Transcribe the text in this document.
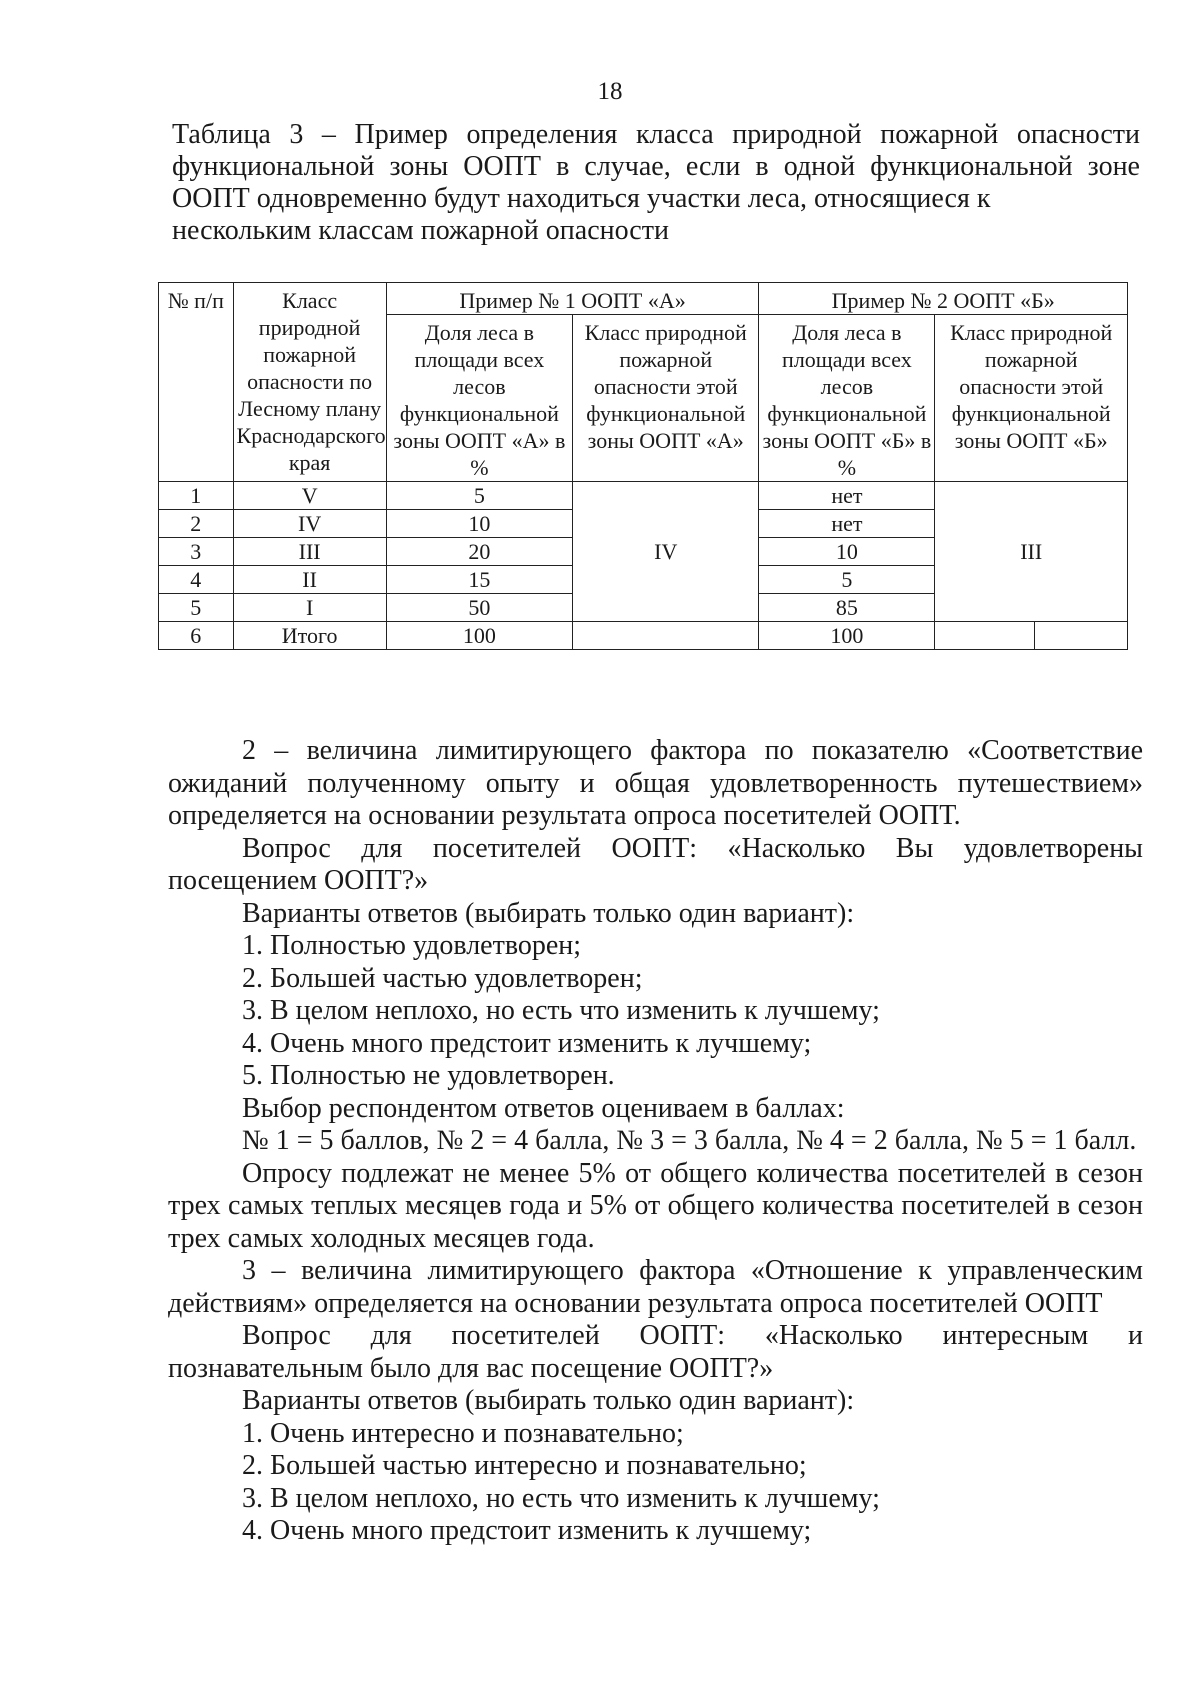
18
Таблица 3 – Пример определения класса природной пожарной опасности функциональной зоны ООПТ в случае, если в одной функциональной зоне ООПТ одновременно будут находиться участки леса, относящиеся к
нескольким классам пожарной опасности
№ п/п	Класс природной пожарной опасности по Лесному плану Краснодарского края	Пример № 1 ООПТ «А»		Пример № 2 ООПТ «Б»		
		Доля леса в площади всех лесов функциональной зоны ООПТ «А» в %	Класс природной пожарной опасности этой функциональной зоны ООПТ «А»	Доля леса в площади всех лесов функциональной зоны ООПТ «Б» в %	Класс природной пожарной опасности этой функциональной зоны ООПТ «Б»	
1	V	5	IV	нет	III	
2	IV	10		нет		
3	III	20		10		
4	II	15		5		
5	I	50		85		
6	Итого	100		100		

2 – величина лимитирующего фактора по показателю «Соответствие ожиданий полученному опыту и общая удовлетворенность путешествием» определяется на основании результата опроса посетителей ООПТ.

Вопрос для посетителей ООПТ: «Насколько Вы удовлетворены посещением ООПТ?»

Варианты ответов (выбирать только один вариант):

1. Полностью удовлетворен;

2. Большей частью удовлетворен;

3. В целом неплохо, но есть что изменить к лучшему;

4. Очень много предстоит изменить к лучшему;

5. Полностью не удовлетворен.

Выбор респондентом ответов оцениваем в баллах:

№ 1 = 5 баллов, № 2 = 4 балла, № 3 = 3 балла, № 4 = 2 балла, № 5 = 1 балл.

Опросу подлежат не менее 5% от общего количества посетителей в сезон трех самых теплых месяцев года и 5% от общего количества посетителей в сезон трех самых холодных месяцев года.

3 – величина лимитирующего фактора «Отношение к управленческим действиям» определяется на основании результата опроса посетителей ООПТ

Вопрос для посетителей ООПТ: «Насколько интересным и познавательным было для вас посещение ООПТ?»

Варианты ответов (выбирать только один вариант):

1. Очень интересно и познавательно;

2. Большей частью интересно и познавательно;

3. В целом неплохо, но есть что изменить к лучшему;

4. Очень много предстоит изменить к лучшему;
